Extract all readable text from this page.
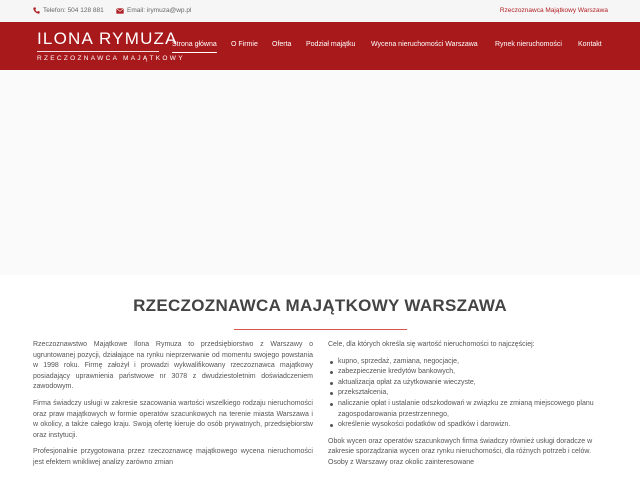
Telefon: 504 128 881	Email: irymuza@wp.pl	Rzeczoznawca Majątkowy Warszawa
ILONA RYMUZA
RZECZOZNAWCA MAJĄTKOWY
Strona główna O Firmie Oferta Podział majątku Wycena nieruchomości Warszawa Rynek nieruchomości Kontakt
RZECZOZNAWCA MAJĄTKOWY WARSZAWA

Rzeczoznawstwo Majątkowe Ilona Rymuza to przedsiębiorstwo z Warszawy o ugruntowanej pozycji, działające na rynku nieprzerwanie od momentu swojego powstania w 1998 roku. Firmę założył i prowadzi wykwalifikowany rzeczoznawca majątkowy posiadający uprawnienia państwowe nr 3078 z dwudziestoletnim doświadczeniem zawodowym.

Firma świadczy usługi w zakresie szacowania wartości wszelkiego rodzaju nieruchomości oraz praw majątkowych w formie operatów szacunkowych na terenie miasta Warszawa i w okolicy, a także całego kraju. Swoją ofertę kieruje do osób prywatnych, przedsiębiorstw oraz instytucji.

Profesjonalnie przygotowana przez rzeczoznawcę majątkowego wycena nieruchomości jest efektem wnikliwej analizy zarówno zmian

Cele, dla których określa się wartość nieruchomości to najczęściej:

kupno, sprzedaż, zamiana, negocjacje,
zabezpieczenie kredytów bankowych,
aktualizacja opłat za użytkowanie wieczyste,
przekształcenia,
naliczanie opłat i ustalanie odszkodowań w związku ze zmianą miejscowego planu zagospodarowania przestrzennego,
określenie wysokości podatków od spadków i darowizn.

Obok wycen oraz operatów szacunkowych firma świadczy również usługi doradcze w zakresie sporządzania wycen oraz rynku nieruchomości, dla różnych potrzeb i celów. Osoby z Warszawy oraz okolic zainteresowane
